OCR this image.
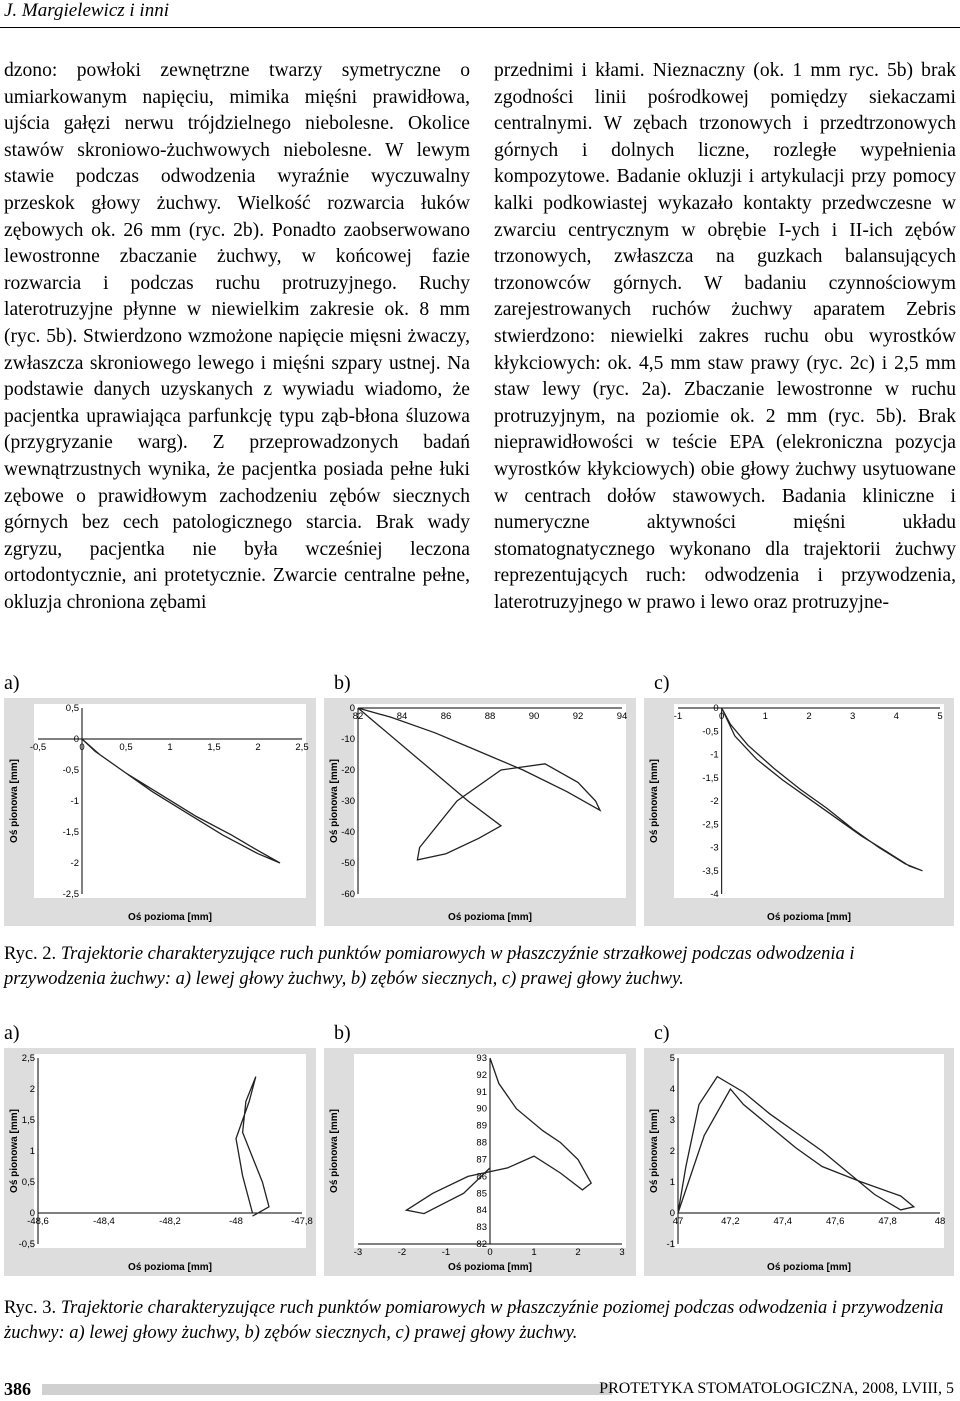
J. Margielewicz i inni
dzono: powłoki zewnętrzne twarzy symetryczne o umiarkowanym napięciu, mimika mięśni prawidłowa, ujścia gałęzi nerwu trójdzielnego niebolesne. Okolice stawów skroniowo-żuchwowych niebolesne. W lewym stawie podczas odwodzenia wyraźnie wyczuwalny przeskok głowy żuchwy. Wielkość rozwarcia łuków zębowych ok. 26 mm (ryc. 2b). Ponadto zaobserwowano lewostronne zbaczanie żuchwy, w końcowej fazie rozwarcia i podczas ruchu protruzyjnego. Ruchy laterotruzyjne płynne w niewielkim zakresie ok. 8 mm (ryc. 5b). Stwierdzono wzmożone napięcie mięsni żwaczy, zwłaszcza skroniowego lewego i mięśni szpary ustnej. Na podstawie danych uzyskanych z wywiadu wiadomo, że pacjentka uprawiająca parfunkcję typu ząb-błona śluzowa (przygryzanie warg). Z przeprowadzonych badań wewnątrzustnych wynika, że pacjentka posiada pełne łuki zębowe o prawidłowym zachodzeniu zębów siecznych górnych bez cech patologicznego starcia. Brak wady zgryzu, pacjentka nie była wcześniej leczona ortodontycznie, ani protetycznie. Zwarcie centralne pełne, okluzja chroniona zębami
przednimi i kłami. Nieznaczny (ok. 1 mm ryc. 5b) brak zgodności linii pośrodkowej pomiędzy siekaczami centralnymi. W zębach trzonowych i przedtrzonowych górnych i dolnych liczne, rozległe wypełnienia kompozytowe. Badanie okluzji i artykulacji przy pomocy kalki podkowiastej wykazało kontakty przedwczesne w zwarciu centrycznym w obrębie I-ych i II-ich zębów trzonowych, zwłaszcza na guzkach balansujących trzonowców górnych. W badaniu czynnościowym zarejestrowanych ruchów żuchwy aparatem Zebris stwierdzono: niewielki zakres ruchu obu wyrostków kłykciowych: ok. 4,5 mm staw prawy (ryc. 2c) i 2,5 mm staw lewy (ryc. 2a). Zbaczanie lewostronne w ruchu protruzyjnym, na poziomie ok. 2 mm (ryc. 5b). Brak nieprawidłowości w teście EPA (elekroniczna pozycja wyrostków kłykciowych) obie głowy żuchwy usytuowane w centrach dołów stawowych. Badania kliniczne i numeryczne aktywności mięśni układu stomatognatycznego wykonano dla trajektorii żuchwy reprezentujących ruch: odwodzenia i przywodzenia, laterotruzyjnego w prawo i lewo oraz protruzyjne-
a)
-0,5	0	0,5	1	1,5	2	2,5
0,5
0
-0,5
-1
-1,5
-2
-2,5
Oś pozioma [mm]
Oś pionowa [mm]
b)
82	84	86	88	90	92	94
0
-10
-20
-30
-40
-50
-60
Oś pozioma [mm]
Oś pionowa [mm]
c)
-1	0	1	2	3	4	5
0
-0,5
-1
-1,5
-2
-2,5
-3
-3,5
-4
Oś pozioma [mm]
Oś pionowa [mm]
Ryc. 2. Trajektorie charakteryzujące ruch punktów pomiarowych w płaszczyźnie strzałkowej podczas odwodzenia i przywodzenia żuchwy: a) lewej głowy żuchwy, b) zębów siecznych, c) prawej głowy żuchwy.
a)
-48,6	-48,4	-48,2	-48	-47,8
2,5
2
1,5
1
0,5
0
-0,5
Oś pozioma [mm]
Oś pionowa [mm]
b)
-3	-2	-1	0	1	2	3
93
92
91
90
89
88
87
86
85
84
83
82
Oś pozioma [mm]
Oś pionowa [mm]
c)
47	47,2	47,4	47,6	47,8	48
5
4
3
2
1
0
-1
Oś pozioma [mm]
Oś pionowa [mm]
Ryc. 3. Trajektorie charakteryzujące ruch punktów pomiarowych w płaszczyźnie poziomej podczas odwodzenia i przywodzenia żuchwy: a) lewej głowy żuchwy, b) zębów siecznych, c) prawej głowy żuchwy.
386	PROTETYKA STOMATOLOGICZNA, 2008, LVIII, 5
